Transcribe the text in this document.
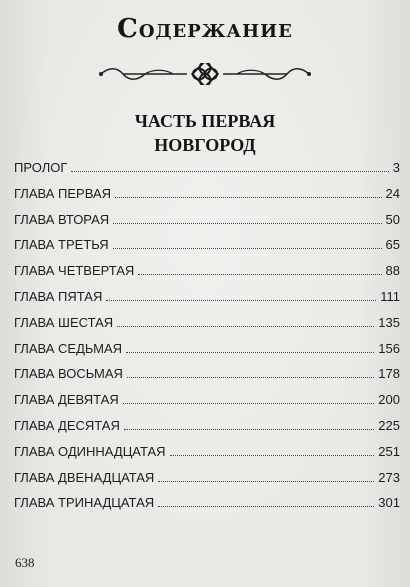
Содержание
ЧАСТЬ ПЕРВАЯ
НОВГОРОД
ПРОЛОГ	3
ГЛАВА ПЕРВАЯ	24
ГЛАВА ВТОРАЯ	50
ГЛАВА ТРЕТЬЯ	65
ГЛАВА ЧЕТВЕРТАЯ	88
ГЛАВА ПЯТАЯ	111
ГЛАВА ШЕСТАЯ	135
ГЛАВА СЕДЬМАЯ	156
ГЛАВА ВОСЬМАЯ	178
ГЛАВА ДЕВЯТАЯ	200
ГЛАВА ДЕСЯТАЯ	225
ГЛАВА ОДИННАДЦАТАЯ	251
ГЛАВА ДВЕНАДЦАТАЯ	273
ГЛАВА ТРИНАДЦАТАЯ	301
638
